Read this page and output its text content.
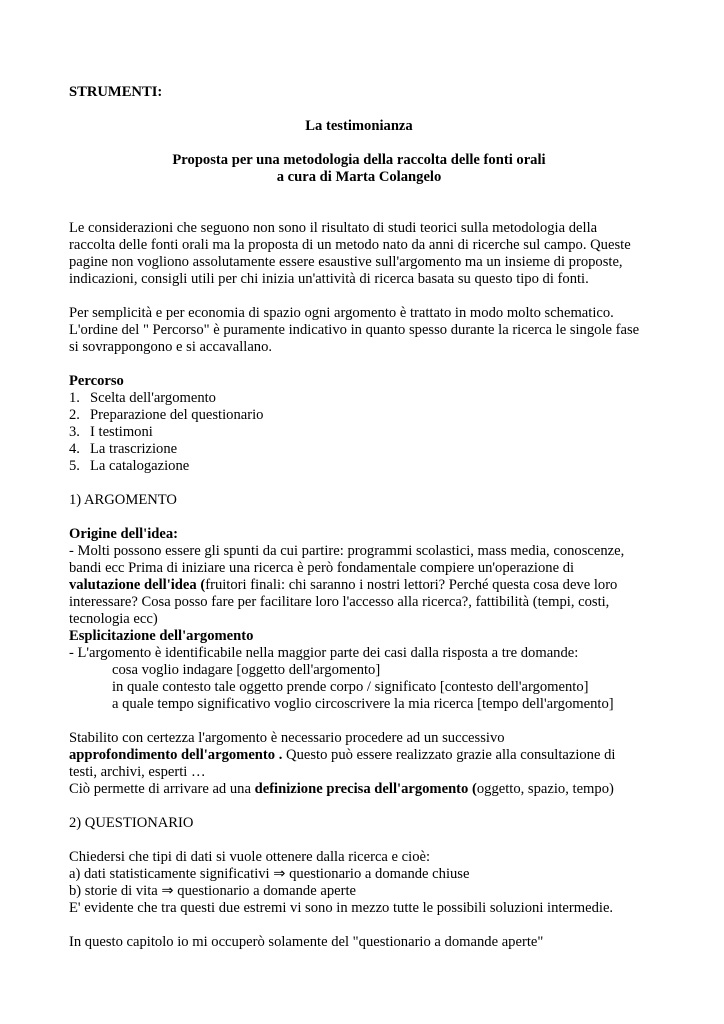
STRUMENTI:

La testimonianza

Proposta per una metodologia della raccolta delle fonti orali

a cura di Marta Colangelo

Le considerazioni che seguono non sono il risultato di studi teorici sulla metodologia della

raccolta delle fonti orali ma la proposta di un metodo nato da anni di ricerche sul campo. Queste

pagine non vogliono assolutamente essere esaustive sull'argomento ma un insieme di proposte,

indicazioni, consigli utili per chi inizia un'attività di ricerca basata su questo tipo di fonti.

Per semplicità e per economia di spazio ogni argomento è trattato in modo molto schematico.

L'ordine del " Percorso" è puramente indicativo in quanto spesso durante la ricerca le singole fase

si sovrappongono e si accavallano.

Percorso

1. Scelta dell'argomento

2. Preparazione del questionario

3. I testimoni

4. La trascrizione

5. La catalogazione

1) ARGOMENTO

Origine dell'idea:

- Molti possono essere gli spunti da cui partire: programmi scolastici, mass media, conoscenze,

bandi ecc Prima di iniziare una ricerca è però fondamentale compiere un'operazione di

valutazione dell'idea (fruitori finali: chi saranno i nostri lettori? Perché questa cosa deve loro

interessare? Cosa posso fare per facilitare loro l'accesso alla ricerca?, fattibilità (tempi, costi,

tecnologia ecc)

Esplicitazione dell'argomento

- L'argomento è identificabile nella maggior parte dei casi dalla risposta a tre domande:

cosa voglio indagare [oggetto dell'argomento]

in quale contesto tale oggetto prende corpo / significato [contesto dell'argomento]

a quale tempo significativo voglio circoscrivere la mia ricerca [tempo dell'argomento]

Stabilito con certezza l'argomento è necessario procedere ad un successivo

approfondimento dell'argomento . Questo può essere realizzato grazie alla consultazione di

testi, archivi, esperti …

Ciò permette di arrivare ad una definizione precisa dell'argomento (oggetto, spazio, tempo)

2) QUESTIONARIO

Chiedersi che tipi di dati si vuole ottenere dalla ricerca e cioè:

a) dati statisticamente significativi ⇒ questionario a domande chiuse

b) storie di vita ⇒ questionario a domande aperte

E' evidente che tra questi due estremi vi sono in mezzo tutte le possibili soluzioni intermedie.

In questo capitolo io mi occuperò solamente del "questionario a domande aperte"
